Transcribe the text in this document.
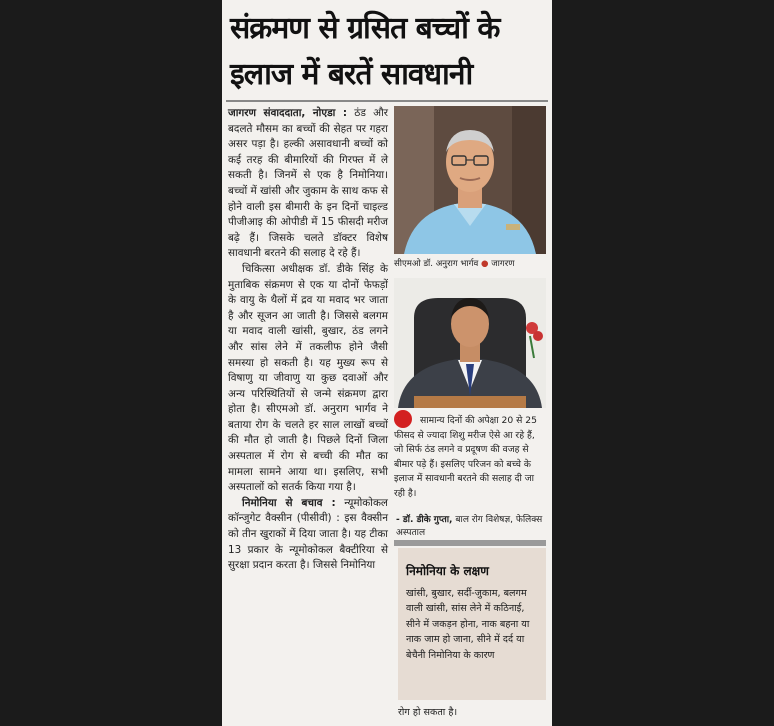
संक्रमण से ग्रसित बच्चों के इलाज में बरतें सावधानी

जागरण संवाददाता, नोएडा : ठंड और बदलते मौसम का बच्चों की सेहत पर गहरा असर पड़ा है। हल्की असावधानी बच्चों को कई तरह की बीमारियों की गिरफ्त में ले सकती है। जिनमें से एक है निमोनिया। बच्चों में खांसी और जुकाम के साथ कफ से होने वाली इस बीमारी के इन दिनों चाइल्ड पीजीआइ की ओपीडी में 15 फीसदी मरीज बढ़े हैं। जिसके चलते डॉक्टर विशेष सावधानी बरतने की सलाह दे रहे हैं।

चिकित्सा अधीक्षक डॉ. डीके सिंह के मुताबिक संक्रमण से एक या दोनों फेफड़ों के वायु के थैलों में द्रव या मवाद भर जाता है और सूजन आ जाती है। जिससे बलगम या मवाद वाली खांसी, बुखार, ठंड लगने और सांस लेने में तकलीफ होने जैसी समस्या हो सकती है। यह मुख्य रूप से विषाणु या जीवाणु या कुछ दवाओं और अन्य परिस्थितियों से जन्मे संक्रमण द्वारा होता है। सीएमओ डॉ. अनुराग भार्गव ने बताया रोग के चलते हर साल लाखों बच्चों की मौत हो जाती है। पिछले दिनों जिला अस्पताल में रोग से बच्ची की मौत का मामला सामने आया था। इसलिए, सभी अस्पतालों को सतर्क किया गया है।

निमोनिया से बचाव : न्यूमोकोकल कॉन्जुगेट वैक्सीन (पीसीवी) : इस वैक्सीन को तीन खुराकों में दिया जाता है। यह टीका 13 प्रकार के न्यूमोकोकल बैक्टीरिया से सुरक्षा प्रदान करता है। जिससे निमोनिया

सीएमओ डॉ. अनुराग भार्गव ● जागरण
सामान्य दिनों की अपेक्षा 20 से 25 फीसद से ज्यादा शिशु मरीज ऐसे आ रहे हैं, जो सिर्फ ठंड लगने व प्रदूषण की वजह से बीमार पड़े हैं। इसलिए परिजन को बच्चे के इलाज में सावधानी बरतने की सलाह दी जा रही है।
- डॉ. डीके गुप्ता, बाल रोग विशेषज्ञ, फेलिक्स अस्पताल
निमोनिया के लक्षण
खांसी, बुखार, सर्दी-जुकाम, बलगम वाली खांसी, सांस लेने में कठिनाई, सीने में जकड़न होना, नाक बहना या नाक जाम हो जाना, सीने में दर्द या बेचैनी निमोनिया के कारण
रोग हो सकता है।
